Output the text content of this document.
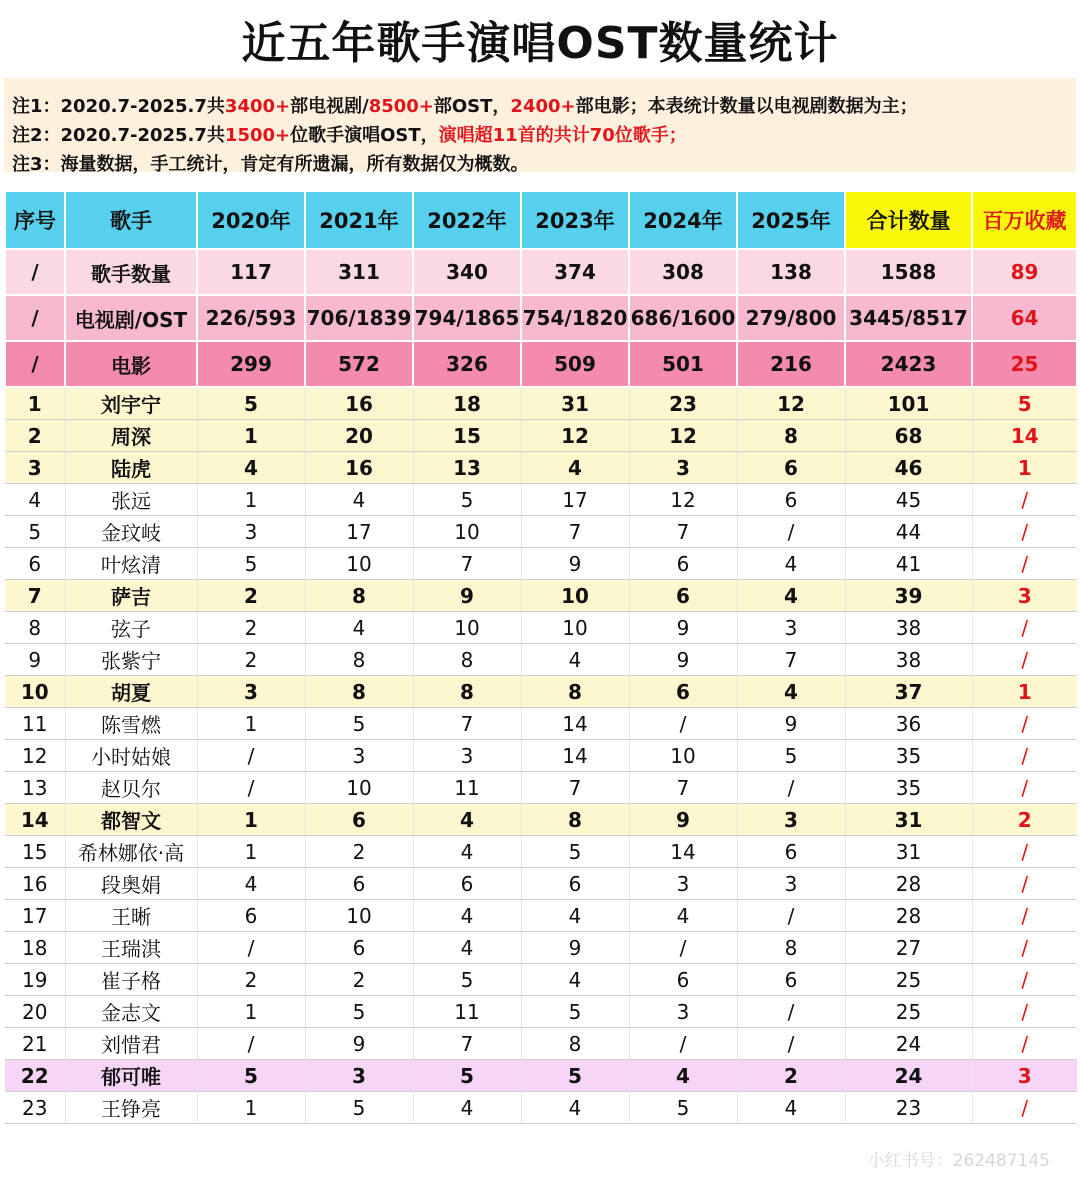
近五年歌手演唱OST数量统计
注1：2020.7-2025.7共3400+部电视剧/8500+部OST，2400+部电影；本表统计数量以电视剧数据为主；
注2：2020.7-2025.7共1500+位歌手演唱OST，演唱超11首的共计70位歌手；
注3：海量数据，手工统计，肯定有所遗漏，所有数据仅为概数。
序号	歌手	2020年	2021年	2022年	2023年	2024年	2025年	合计数量	百万收藏
/	歌手数量	117	311	340	374	308	138	1588	89
/	电视剧/OST	226/593	706/1839	794/1865	754/1820	686/1600	279/800	3445/8517	64
/	电影	299	572	326	509	501	216	2423	25
1	刘宇宁	5	16	18	31	23	12	101	5
2	周深	1	20	15	12	12	8	68	14
3	陆虎	4	16	13	4	3	6	46	1
4	张远	1	4	5	17	12	6	45	/
5	金玟岐	3	17	10	7	7	/	44	/
6	叶炫清	5	10	7	9	6	4	41	/
7	萨吉	2	8	9	10	6	4	39	3
8	弦子	2	4	10	10	9	3	38	/
9	张紫宁	2	8	8	4	9	7	38	/
10	胡夏	3	8	8	8	6	4	37	1
11	陈雪燃	1	5	7	14	/	9	36	/
12	小时姑娘	/	3	3	14	10	5	35	/
13	赵贝尔	/	10	11	7	7	/	35	/
14	都智文	1	6	4	8	9	3	31	2
15	希林娜依·高	1	2	4	5	14	6	31	/
16	段奥娟	4	6	6	6	3	3	28	/
17	王晰	6	10	4	4	4	/	28	/
18	王瑞淇	/	6	4	9	/	8	27	/
19	崔子格	2	2	5	4	6	6	25	/
20	金志文	1	5	11	5	3	/	25	/
21	刘惜君	/	9	7	8	/	/	24	/
22	郁可唯	5	3	5	5	4	2	24	3
23	王铮亮	1	5	4	4	5	4	23	/
小红书号：262487145
